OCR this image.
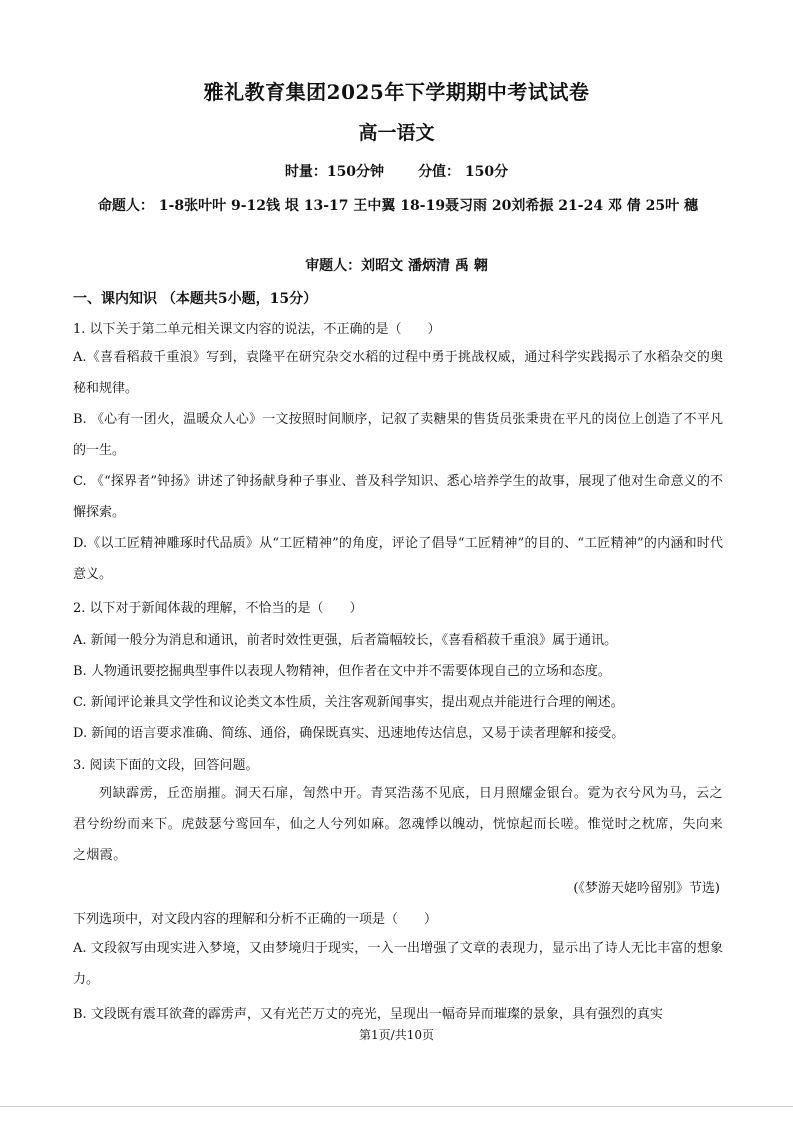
雅礼教育集团2025年下学期期中考试试卷
高一语文
时量：150分钟 分值： 150分
命题人： 1-8张叶叶 9-12钱 垠 13-17 王中翼 18-19聂习雨 20刘希振 21-24 邓 倩 25叶 穗
审题人：刘昭文 潘炳清 禹 翱
一、课内知识 （本题共5小题，15分）
1. 以下关于第二单元相关课文内容的说法，不正确的是（　　）
A.《喜看稻菽千重浪》写到，袁隆平在研究杂交水稻的过程中勇于挑战权威，通过科学实践揭示了水稻杂交的奥秘和规律。
B. 《心有一团火，温暖众人心》一文按照时间顺序，记叙了卖糖果的售货员张秉贵在平凡的岗位上创造了不平凡的一生。
C. 《“探界者”钟扬》讲述了钟扬献身种子事业、普及科学知识、悉心培养学生的故事，展现了他对生命意义的不懈探索。
D.《以工匠精神雕琢时代品质》从“工匠精神”的角度，评论了倡导“工匠精神”的目的、“工匠精神”的内涵和时代意义。
2. 以下对于新闻体裁的理解，不恰当的是（　　）
A. 新闻一般分为消息和通讯，前者时效性更强，后者篇幅较长，《喜看稻菽千重浪》属于通讯。
B. 人物通讯要挖掘典型事件以表现人物精神，但作者在文中并不需要体现自己的立场和态度。
C. 新闻评论兼具文学性和议论类文本性质，关注客观新闻事实，提出观点并能进行合理的阐述。
D. 新闻的语言要求准确、简练、通俗，确保既真实、迅速地传达信息，又易于读者理解和接受。
3. 阅读下面的文段，回答问题。
列缺霹雳，丘峦崩摧。洞天石扉，訇然中开。青冥浩荡不见底，日月照耀金银台。霓为衣兮风为马，云之君兮纷纷而来下。虎鼓瑟兮鸾回车，仙之人兮列如麻。忽魂悸以魄动，恍惊起而长嗟。惟觉时之枕席，失向来之烟霞。
(《梦游天姥吟留别》节选)
下列选项中，对文段内容的理解和分析不正确的一项是（　　）
A. 文段叙写由现实进入梦境，又由梦境归于现实，一入一出增强了文章的表现力，显示出了诗人无比丰富的想象力。
B. 文段既有震耳欲聋的霹雳声，又有光芒万丈的亮光，呈现出一幅奇异而璀璨的景象，具有强烈的真实
第1页/共10页
